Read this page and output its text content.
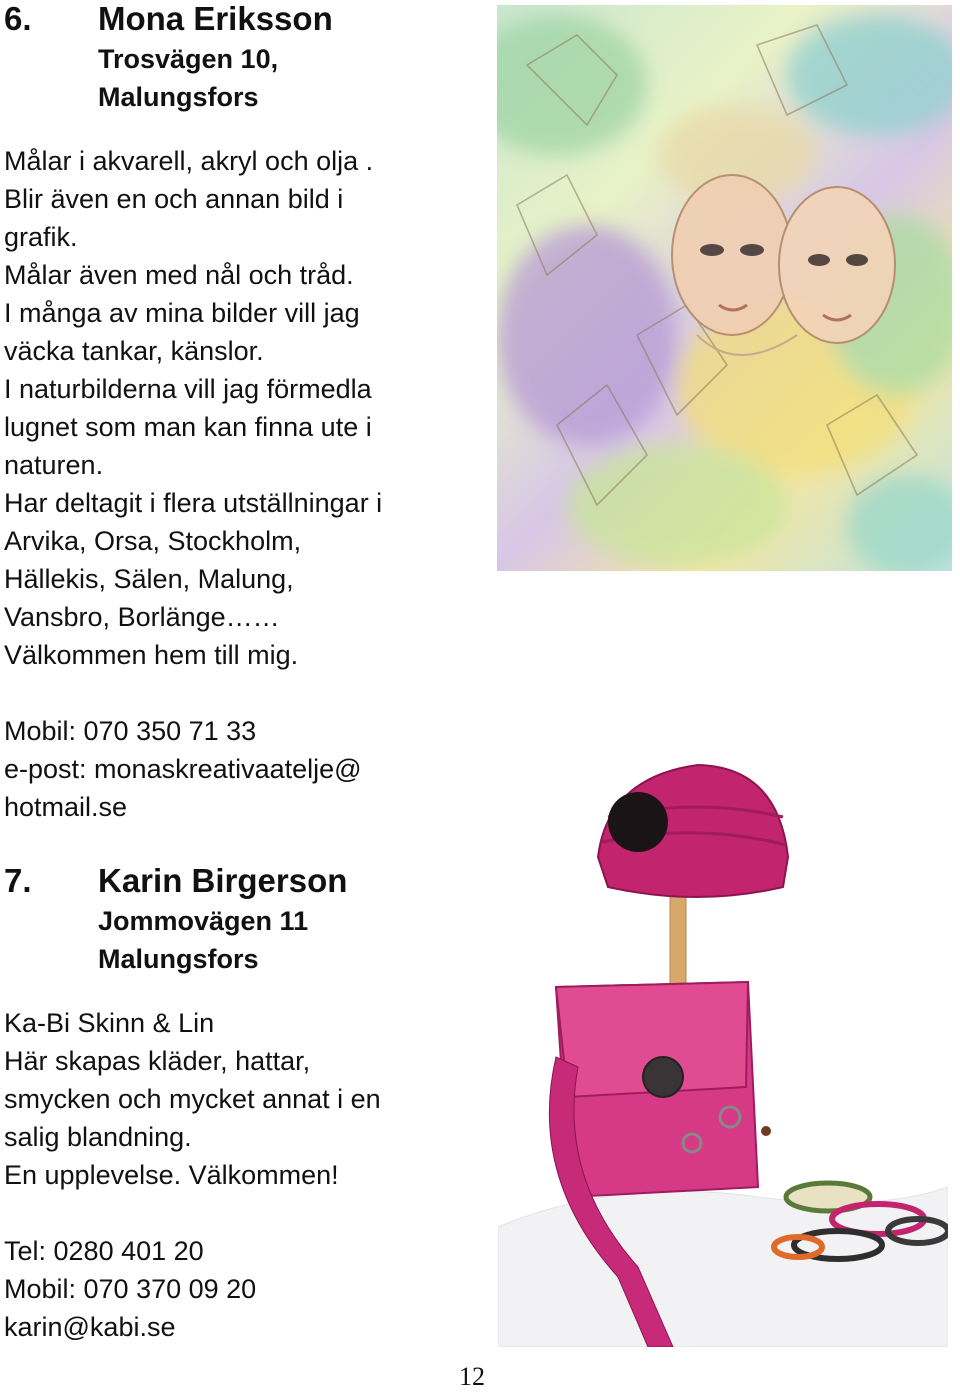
6. Mona Eriksson
Trosvägen 10,
Malungsfors
Målar i akvarell, akryl och olja .
Blir även en och annan bild i
grafik.
Målar även med nål och tråd.
I många av mina bilder vill jag
väcka tankar, känslor.
I naturbilderna vill jag förmedla
lugnet som man kan finna ute i
naturen.
Har deltagit i flera utställningar i
Arvika, Orsa, Stockholm,
Hällekis, Sälen, Malung,
Vansbro, Borlänge……
Välkommen hem till mig.
Mobil: 070 350 71 33
e-post: monaskreativaatelje@
hotmail.se
7. Karin Birgerson
Jommovägen 11
Malungsfors
Ka-Bi Skinn & Lin
Här skapas kläder, hattar,
smycken och mycket annat i en
salig blandning.
En upplevelse. Välkommen!
Tel: 0280 401 20
Mobil: 070 370 09 20
karin@kabi.se
12
